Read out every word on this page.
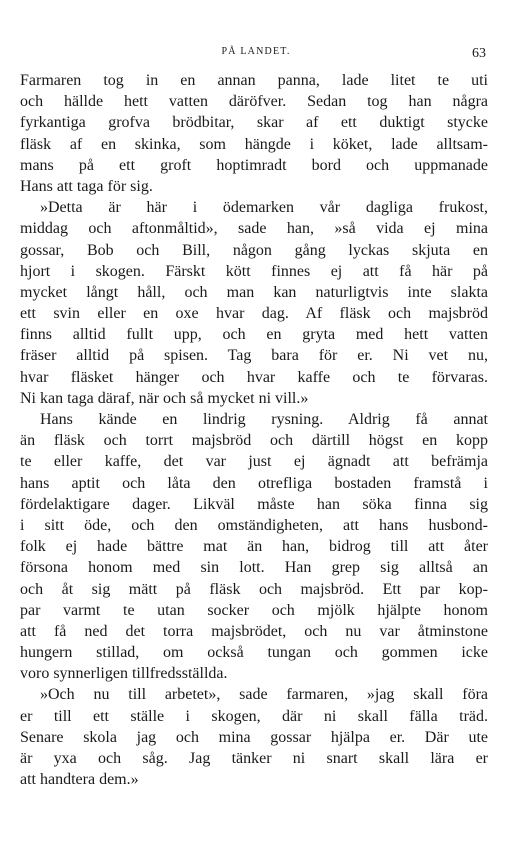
PÅ LANDET.	63
Farmaren tog in en annan panna, lade litet te uti
och hällde hett vatten däröfver. Sedan tog han några
fyrkantiga grofva brödbitar, skar af ett duktigt stycke
fläsk af en skinka, som hängde i köket, lade alltsam-
mans på ett groft hoptimradt bord och uppmanade
Hans att taga för sig.
»Detta är här i ödemarken vår dagliga frukost,
middag och aftonmåltid», sade han, »så vida ej mina
gossar, Bob och Bill, någon gång lyckas skjuta en
hjort i skogen. Färskt kött finnes ej att få här på
mycket långt håll, och man kan naturligtvis inte slakta
ett svin eller en oxe hvar dag. Af fläsk och majsbröd
finns alltid fullt upp, och en gryta med hett vatten
fräser alltid på spisen. Tag bara för er. Ni vet nu,
hvar fläsket hänger och hvar kaffe och te förvaras.
Ni kan taga däraf, när och så mycket ni vill.»
Hans kände en lindrig rysning. Aldrig få annat
än fläsk och torrt majsbröd och därtill högst en kopp
te eller kaffe, det var just ej ägnadt att befrämja
hans aptit och låta den otrefliga bostaden framstå i
fördelaktigare dager. Likväl måste han söka finna sig
i sitt öde, och den omständigheten, att hans husbond-
folk ej hade bättre mat än han, bidrog till att åter
försona honom med sin lott. Han grep sig alltså an
och åt sig mätt på fläsk och majsbröd. Ett par kop-
par varmt te utan socker och mjölk hjälpte honom
att få ned det torra majsbrödet, och nu var åtminstone
hungern stillad, om också tungan och gommen icke
voro synnerligen tillfredsställda.
»Och nu till arbetet», sade farmaren, »jag skall föra
er till ett ställe i skogen, där ni skall fälla träd.
Senare skola jag och mina gossar hjälpa er. Där ute
är yxa och såg. Jag tänker ni snart skall lära er
att handtera dem.»
